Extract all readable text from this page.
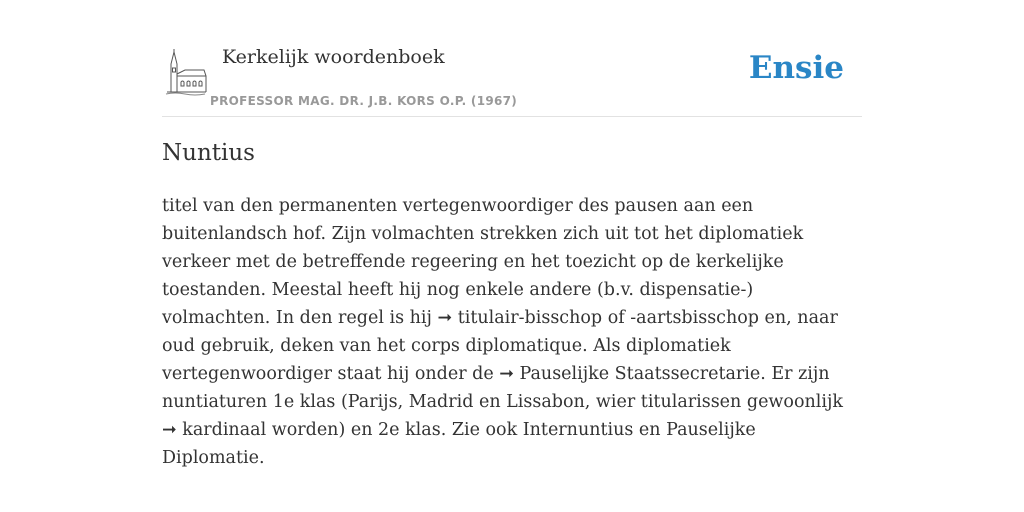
Kerkelijk woordenboek
PROFESSOR MAG. DR. J.B. KORS O.P. (1967)
Ensie
Nuntius

titel van den permanenten vertegenwoordiger des pausen aan een buitenlandsch hof. Zijn volmachten strekken zich uit tot het diplomatiek verkeer met de betreffende regeering en het toezicht op de kerkelijke toestanden. Meestal heeft hij nog enkele andere (b.v. dispensatie-) volmachten. In den regel is hij ➞ titulair-bisschop of -aartsbisschop en, naar oud gebruik, deken van het corps diplomatique. Als diplomatiek vertegenwoordiger staat hij onder de ➞ Pauselijke Staatssecretarie. Er zijn nuntiaturen 1e klas (Parijs, Madrid en Lissabon, wier titularissen gewoonlijk ➞ kardinaal worden) en 2e klas. Zie ook Internuntius en Pauselijke Diplomatie.
